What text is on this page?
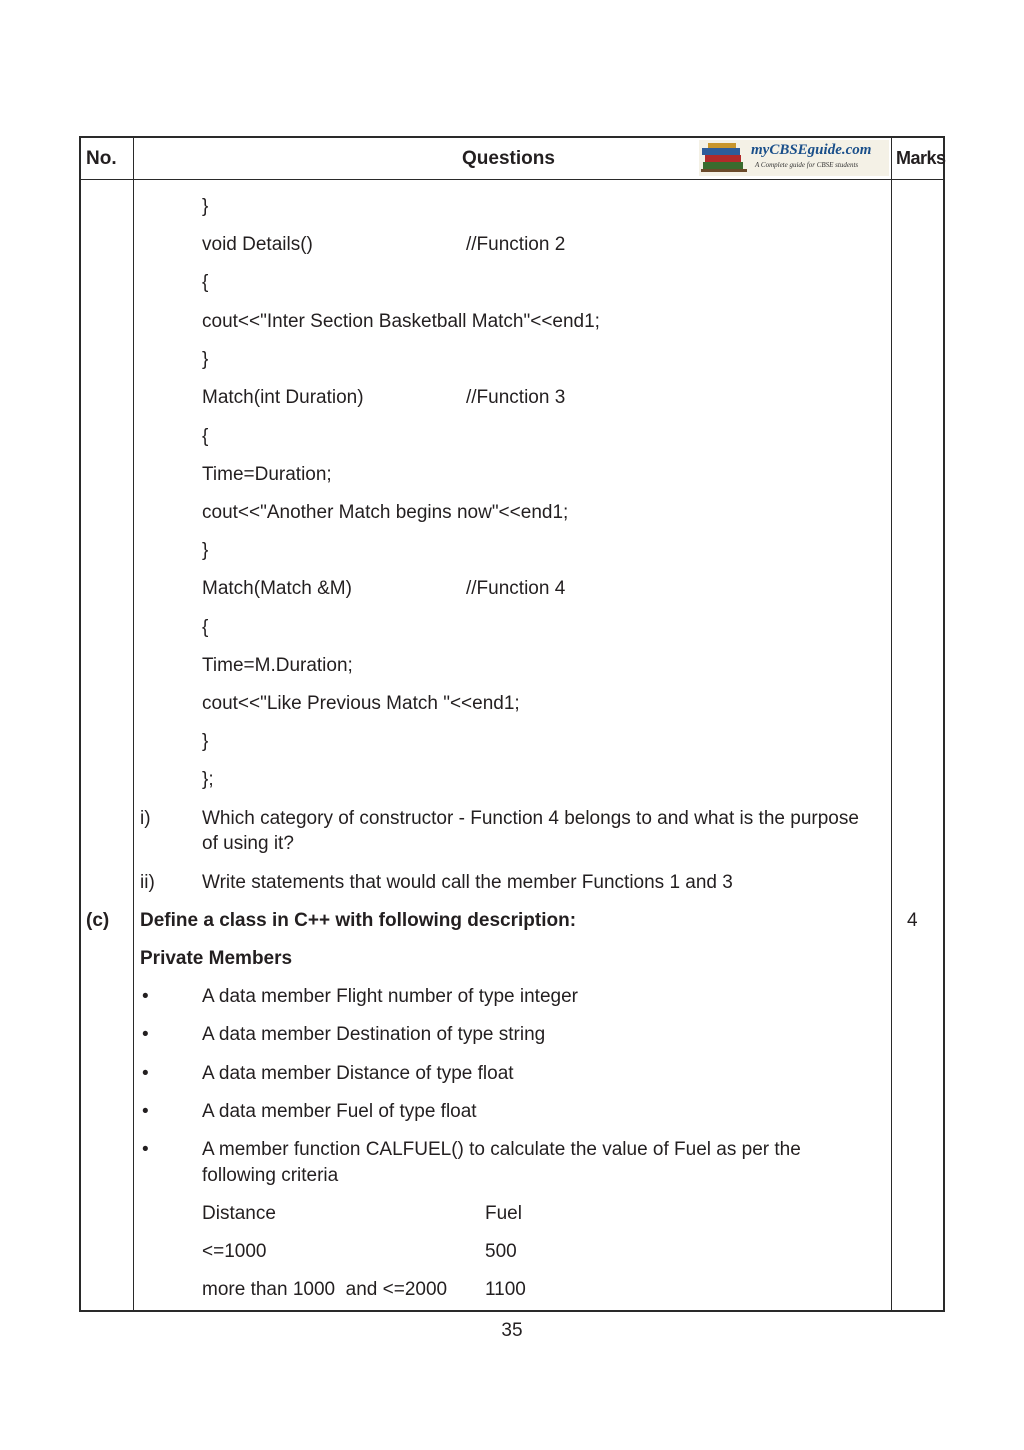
No.	Questions	Marks
myCBSEguide.com
A Complete guide for CBSE students
}
void Details()	//Function 2
{
cout<<"Inter Section Basketball Match"<<end1;
}
Match(int Duration)	//Function 3
{
Time=Duration;
cout<<"Another Match begins now"<<end1;
}
Match(Match &M)	//Function 4
{
Time=M.Duration;
cout<<"Like Previous Match "<<end1;
}
};
i)	Which category of constructor - Function 4 belongs to and what is the purpose
of using it?
ii) Write statements that would call the member Functions 1 and 3
(c) Define a class in C++ with following description:	4
Private Members
•	A data member Flight number of type integer
•	A data member Destination of type string
•	A data member Distance of type float
•	A data member Fuel of type float
•	A member function CALFUEL() to calculate the value of Fuel as per the
following criteria
Distance	Fuel
<=1000	500
more than 1000  and <=2000 1100
35
